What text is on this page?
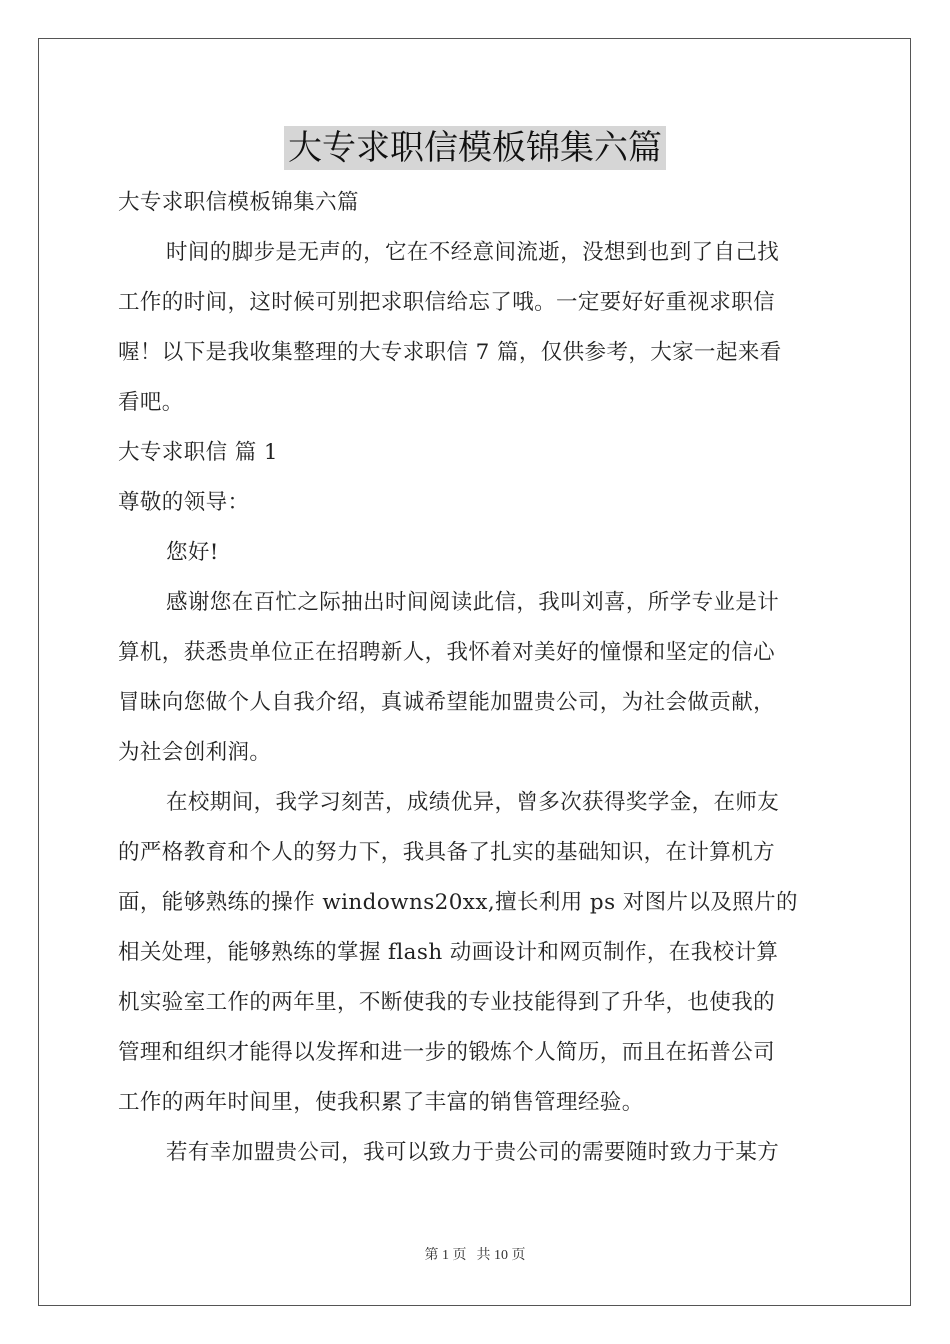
大专求职信模板锦集六篇
大专求职信模板锦集六篇
时间的脚步是无声的，它在不经意间流逝，没想到也到了自己找
工作的时间，这时候可别把求职信给忘了哦。一定要好好重视求职信
喔！以下是我收集整理的大专求职信 7 篇，仅供参考，大家一起来看
看吧。
大专求职信 篇 1
尊敬的领导：
您好!
感谢您在百忙之际抽出时间阅读此信，我叫刘喜，所学专业是计
算机，获悉贵单位正在招聘新人，我怀着对美好的憧憬和坚定的信心
冒昧向您做个人自我介绍，真诚希望能加盟贵公司，为社会做贡献，
为社会创利润。
在校期间，我学习刻苦，成绩优异，曾多次获得奖学金，在师友
的严格教育和个人的努力下，我具备了扎实的基础知识，在计算机方
面，能够熟练的操作 windowns20xx,擅长利用 ps 对图片以及照片的
相关处理，能够熟练的掌握 flash 动画设计和网页制作，在我校计算
机实验室工作的两年里，不断使我的专业技能得到了升华，也使我的
管理和组织才能得以发挥和进一步的锻炼个人简历，而且在拓普公司
工作的两年时间里，使我积累了丰富的销售管理经验。
若有幸加盟贵公司，我可以致力于贵公司的需要随时致力于某方
第 1 页 共 10 页
